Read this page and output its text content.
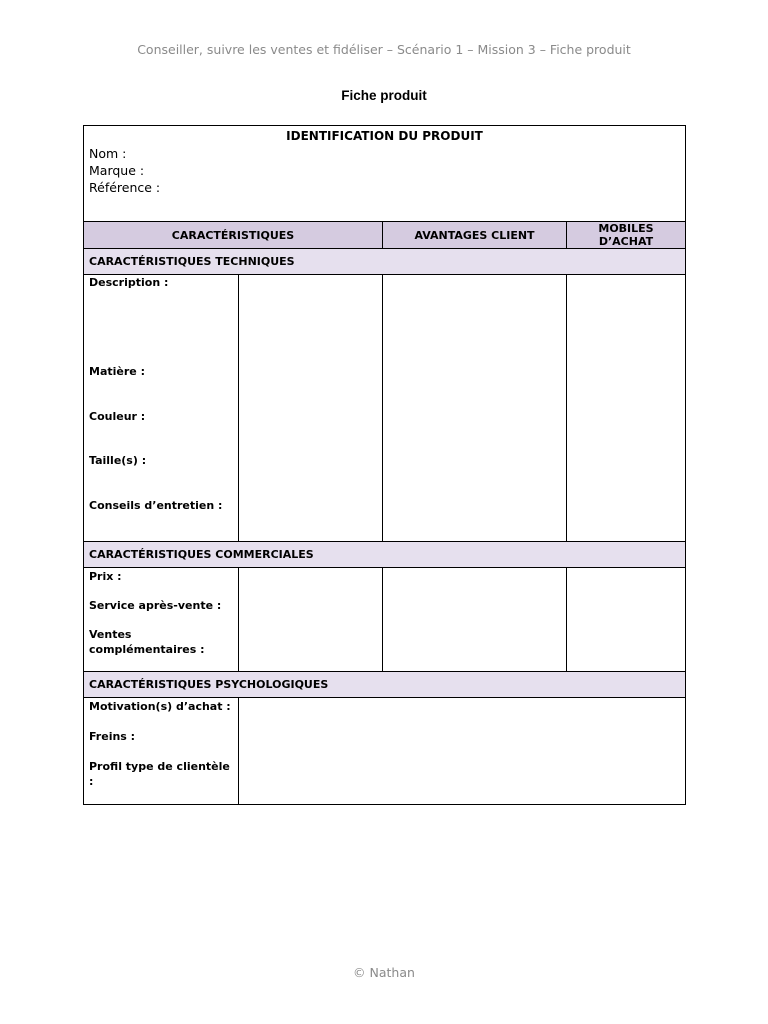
Conseiller, suivre les ventes et fidéliser – Scénario 1 – Mission 3 – Fiche produit
Fiche produit
IDENTIFICATION DU PRODUIT
Nom :
Marque :
Référence :			

CARACTÉRISTIQUES		AVANTAGES CLIENT	MOBILES D’ACHAT
CARACTÉRISTIQUES TECHNIQUES			

Description :
Matière :
Couleur :
Taille(s) :
Conseils d’entretien :			

CARACTÉRISTIQUES COMMERCIALES			

Prix :
Service après-vente :
Ventes complémentaires :			

CARACTÉRISTIQUES PSYCHOLOGIQUES			

Motivation(s) d’achat :
Freins :
Profil type de clientèle :			

© Nathan
